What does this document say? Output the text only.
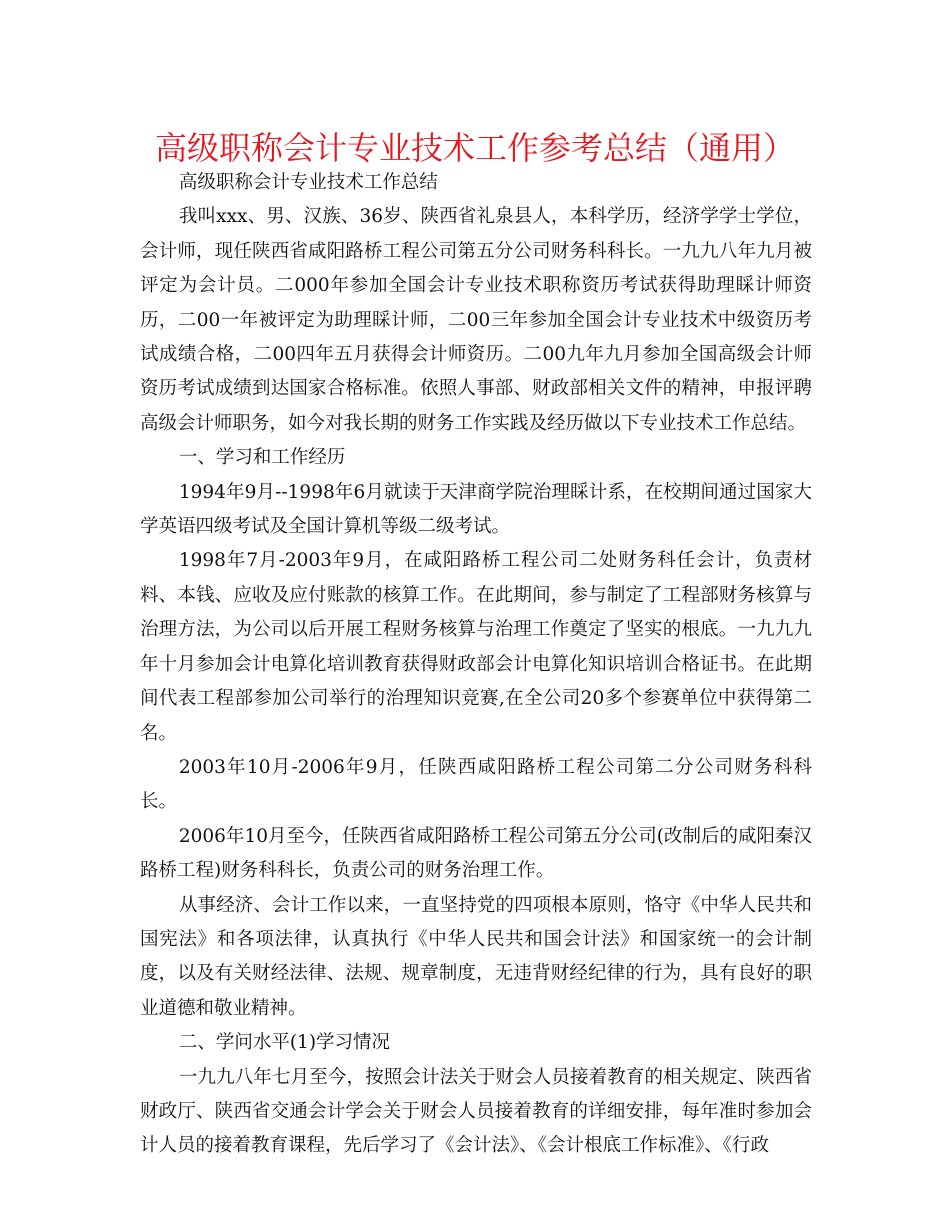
高级职称会计专业技术工作参考总结（通用）

高级职称会计专业技术工作总结

我叫xxx、男、汉族、36岁、陕西省礼泉县人，本科学历，经济学学士学位，会计师，现任陕西省咸阳路桥工程公司第五分公司财务科科长。一九九八年九月被评定为会计员。二000年参加全国会计专业技术职称资历考试获得助理睬计师资历，二00一年被评定为助理睬计师，二00三年参加全国会计专业技术中级资历考试成绩合格，二00四年五月获得会计师资历。二00九年九月参加全国高级会计师资历考试成绩到达国家合格标准。依照人事部、财政部相关文件的精神，申报评聘高级会计师职务，如今对我长期的财务工作实践及经历做以下专业技术工作总结。

一、学习和工作经历

1994年9月--1998年6月就读于天津商学院治理睬计系，在校期间通过国家大学英语四级考试及全国计算机等级二级考试。

1998年7月-2003年9月，在咸阳路桥工程公司二处财务科任会计，负责材料、本钱、应收及应付账款的核算工作。在此期间，参与制定了工程部财务核算与治理方法，为公司以后开展工程财务核算与治理工作奠定了坚实的根底。一九九九年十月参加会计电算化培训教育获得财政部会计电算化知识培训合格证书。在此期间代表工程部参加公司举行的治理知识竞赛,在全公司20多个参赛单位中获得第二名。

2003年10月-2006年9月，任陕西咸阳路桥工程公司第二分公司财务科科长。

2006年10月至今，任陕西省咸阳路桥工程公司第五分公司(改制后的咸阳秦汉路桥工程)财务科科长，负责公司的财务治理工作。

从事经济、会计工作以来，一直坚持党的四项根本原则，恪守《中华人民共和国宪法》和各项法律，认真执行《中华人民共和国会计法》和国家统一的会计制度，以及有关财经法律、法规、规章制度，无违背财经纪律的行为，具有良好的职业道德和敬业精神。

二、学问水平(1)学习情况

一九九八年七月至今，按照会计法关于财会人员接着教育的相关规定、陕西省财政厅、陕西省交通会计学会关于财会人员接着教育的详细安排，每年准时参加会计人员的接着教育课程，先后学习了《会计法》、《会计根底工作标准》、《行政
